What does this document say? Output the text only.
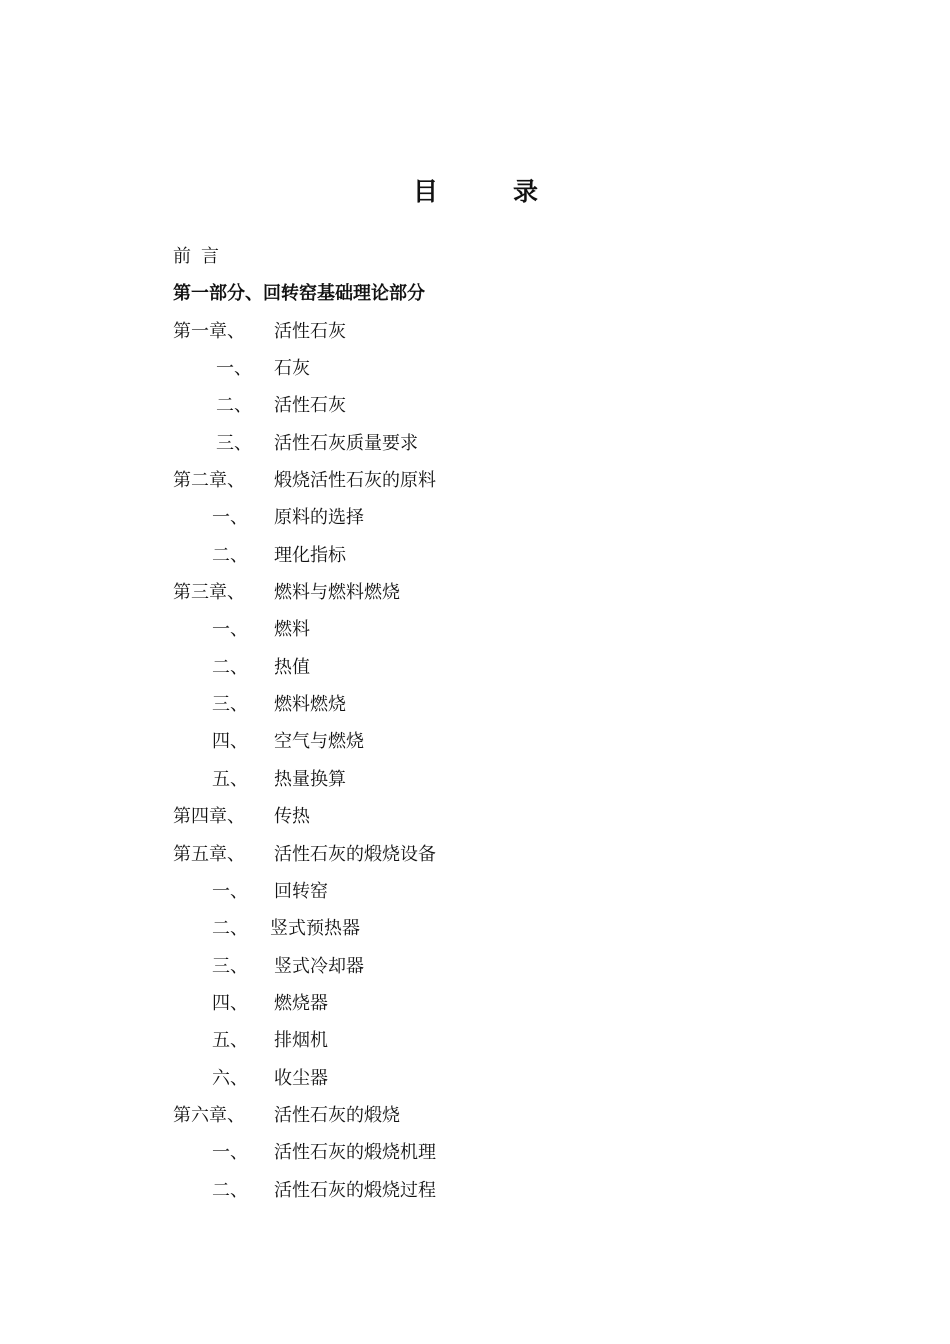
目	录
前言
第一部分、回转窑基础理论部分
第一章、 活性石灰
一、 石灰
二、 活性石灰
三、 活性石灰质量要求
第二章、 煅烧活性石灰的原料
一、 原料的选择
二、 理化指标
第三章、 燃料与燃料燃烧
一、 燃料
二、 热值
三、 燃料燃烧
四、 空气与燃烧
五、 热量换算
第四章、 传热
第五章、 活性石灰的煅烧设备
一、 回转窑
二、 竖式预热器
三、 竖式冷却器
四、 燃烧器
五、 排烟机
六、 收尘器
第六章、 活性石灰的煅烧
一、 活性石灰的煅烧机理
二、 活性石灰的煅烧过程
